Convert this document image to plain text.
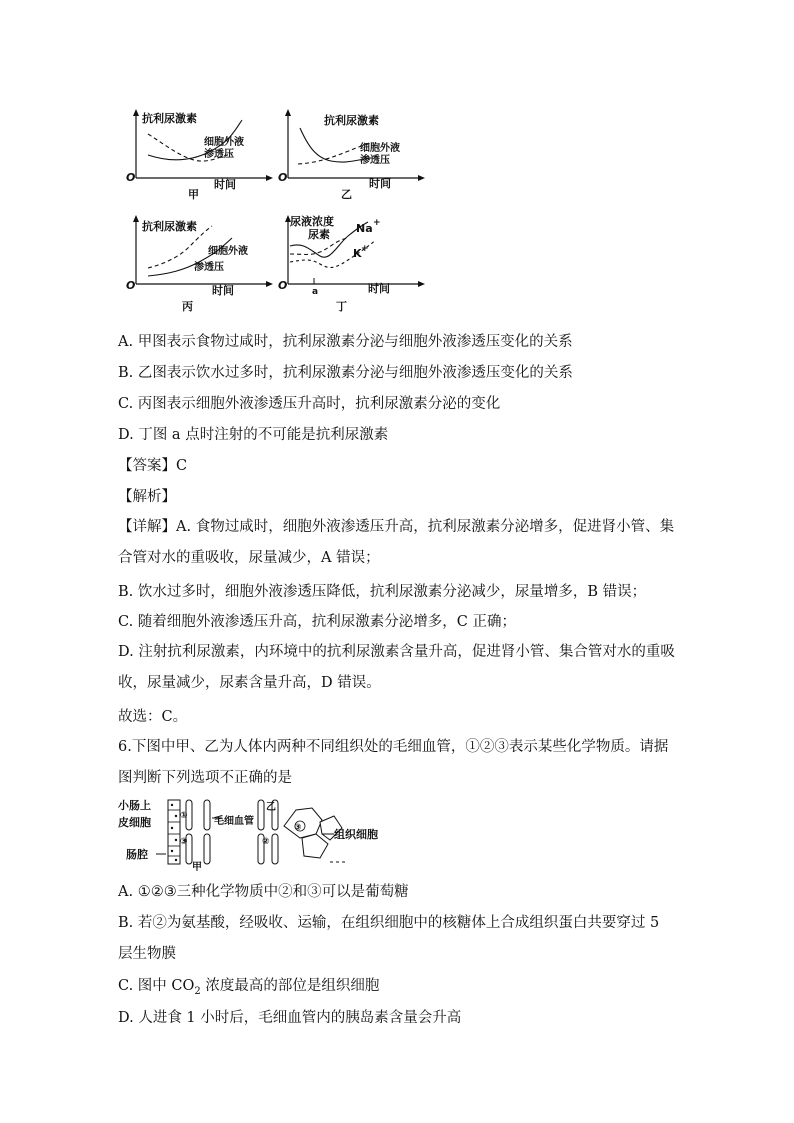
抗利尿激素
细胞外液
渗透压
O
时间
甲
抗利尿激素
细胞外液
渗透压
O	时间
乙
抗利尿激素
细胞外液
渗透压
O	时间
丙
尿液浓度
尿素 Na +
K +
O	a	时间
丁
A. 甲图表示食物过咸时，抗利尿激素分泌与细胞外液渗透压变化的关系
B. 乙图表示饮水过多时，抗利尿激素分泌与细胞外液渗透压变化的关系
C. 丙图表示细胞外液渗透压升高时，抗利尿激素分泌的变化
D. 丁图 a 点时注射的不可能是抗利尿激素
【答案】C
【解析】
【详解】A. 食物过咸时，细胞外液渗透压升高，抗利尿激素分泌增多，促进肾小管、集合管对水的重吸收，尿量减少，A 错误；
B. 饮水过多时，细胞外液渗透压降低，抗利尿激素分泌减少，尿量增多，B 错误；
C. 随着细胞外液渗透压升高，抗利尿激素分泌增多，C 正确；
D. 注射抗利尿激素，内环境中的抗利尿激素含量升高，促进肾小管、集合管对水的重吸收，尿量减少，尿素含量升高，D 错误。
故选：C。
6.下图中甲、乙为人体内两种不同组织处的毛细血管，①②③表示某些化学物质。请据图判断下列选项不正确的是
小肠上
皮细胞
肠腔
毛细血管
组织细胞
甲
乙
①
③	②
③
A. ①②③三种化学物质中②和③可以是葡萄糖
B. 若②为氨基酸，经吸收、运输，在组织细胞中的核糖体上合成组织蛋白共要穿过 5 层生物膜
C. 图中 $CO_2$ 浓度最高的部位是组织细胞
D. 人进食 1 小时后，毛细血管内的胰岛素含量会升高
